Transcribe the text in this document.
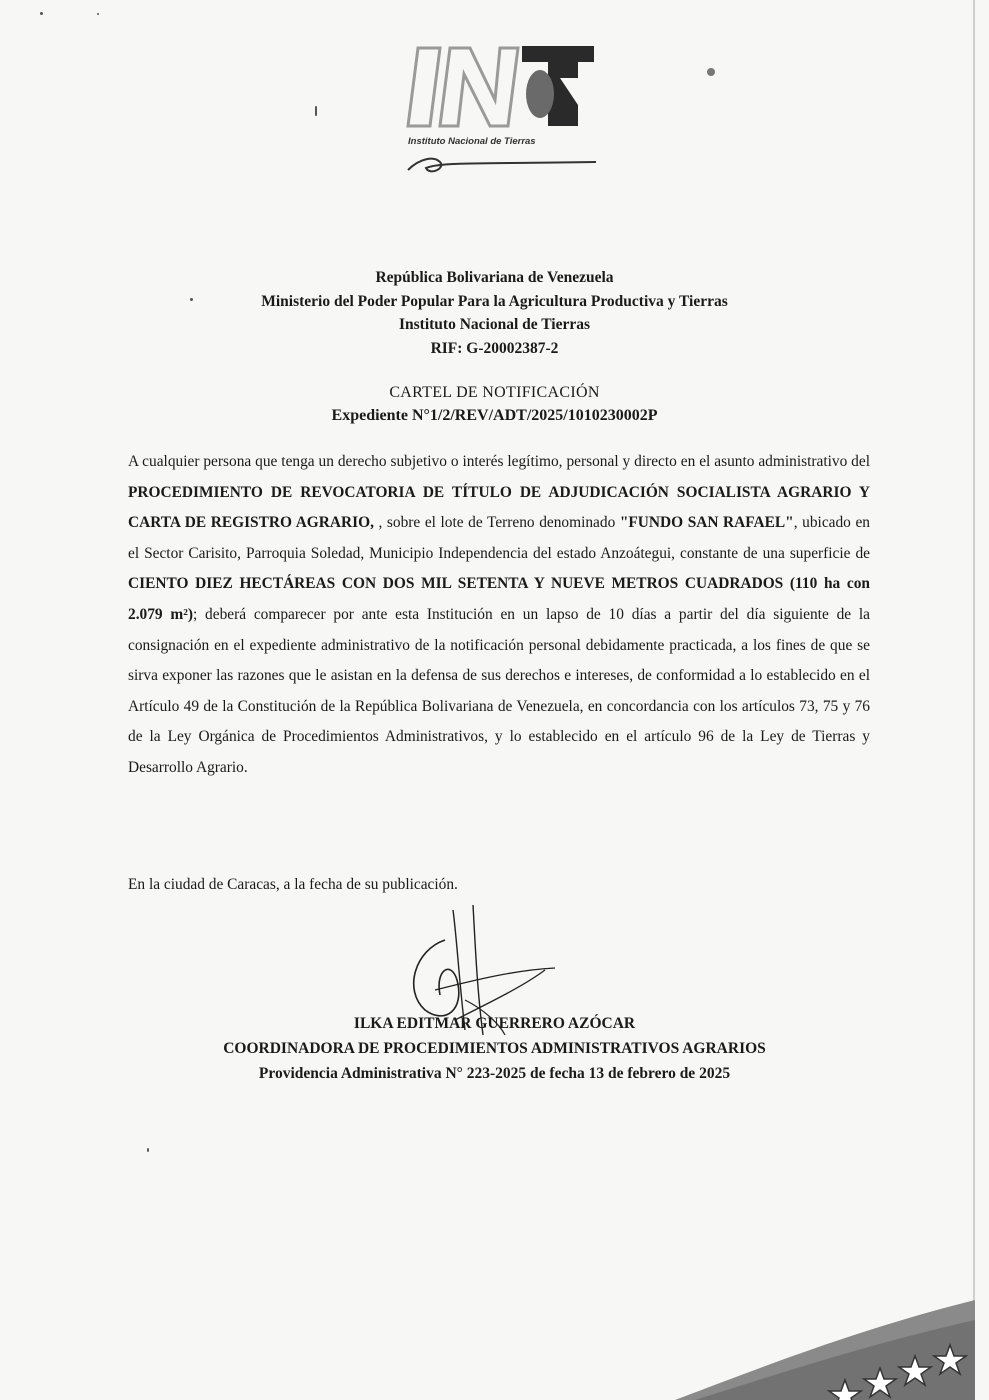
Instituto Nacional de Tierras
República Bolivariana de Venezuela
Ministerio del Poder Popular Para la Agricultura Productiva y Tierras
Instituto Nacional de Tierras
RIF: G-20002387-2
CARTEL DE NOTIFICACIÓN
Expediente N°1/2/REV/ADT/2025/1010230002P
A cualquier persona que tenga un derecho subjetivo o interés legítimo, personal y directo en el asunto administrativo del PROCEDIMIENTO DE REVOCATORIA DE TÍTULO DE ADJUDICACIÓN SOCIALISTA AGRARIO Y CARTA DE REGISTRO AGRARIO, , sobre el lote de Terreno denominado "FUNDO SAN RAFAEL", ubicado en el Sector Carisito, Parroquia Soledad, Municipio Independencia del estado Anzoátegui, constante de una superficie de CIENTO DIEZ HECTÁREAS CON DOS MIL SETENTA Y NUEVE METROS CUADRADOS (110 ha con 2.079 m²); deberá comparecer por ante esta Institución en un lapso de 10 días a partir del día siguiente de la consignación en el expediente administrativo de la notificación personal debidamente practicada, a los fines de que se sirva exponer las razones que le asistan en la defensa de sus derechos e intereses, de conformidad a lo establecido en el Artículo 49 de la Constitución de la República Bolivariana de Venezuela, en concordancia con los artículos 73, 75 y 76 de la Ley Orgánica de Procedimientos Administrativos, y lo establecido en el artículo 96 de la Ley de Tierras y Desarrollo Agrario.
En la ciudad de Caracas, a la fecha de su publicación.
ILKA EDITMAR GUERRERO AZÓCAR
COORDINADORA DE PROCEDIMIENTOS ADMINISTRATIVOS AGRARIOS
Providencia Administrativa N° 223-2025 de fecha 13 de febrero de 2025
